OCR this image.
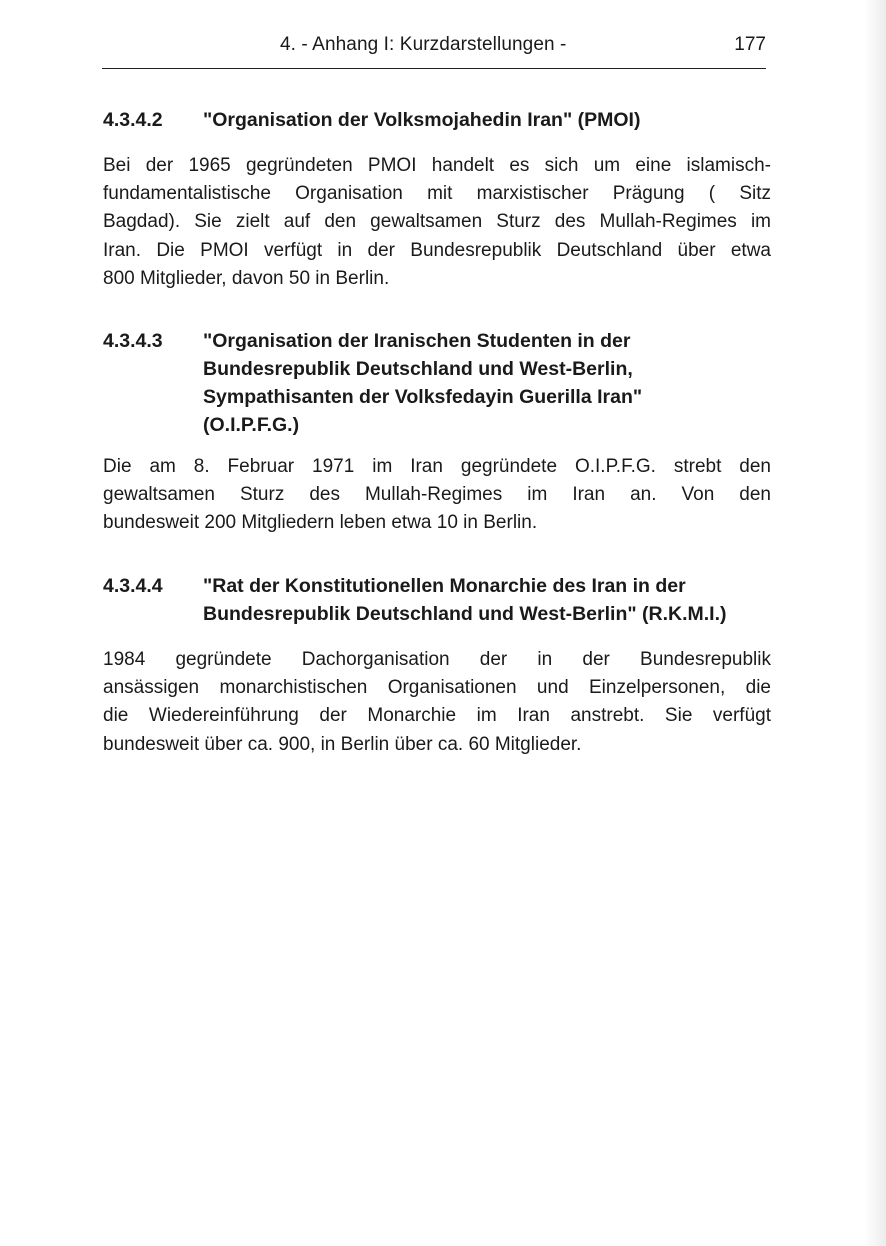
4. - Anhang I: Kurzdarstellungen -	177
4.3.4.2 "Organisation der Volksmojahedin Iran" (PMOI)
Bei der 1965 gegründeten PMOI handelt es sich um eine islamisch-
fundamentalistische Organisation mit marxistischer Prägung ( Sitz
Bagdad). Sie zielt auf den gewaltsamen Sturz des Mullah-Regimes im
Iran. Die PMOI verfügt in der Bundesrepublik Deutschland über etwa
800 Mitglieder, davon 50 in Berlin.
4.3.4.3 "Organisation der Iranischen Studenten in der
Bundesrepublik Deutschland und West-Berlin,
Sympathisanten der Volksfedayin Guerilla Iran"
(O.I.P.F.G.)
Die am 8. Februar 1971 im Iran gegründete O.I.P.F.G. strebt den
gewaltsamen Sturz des Mullah-Regimes im Iran an. Von den
bundesweit 200 Mitgliedern leben etwa 10 in Berlin.
4.3.4.4 "Rat der Konstitutionellen Monarchie des Iran in der
Bundesrepublik Deutschland und West-Berlin" (R.K.M.I.)
1984 gegründete Dachorganisation der in der Bundesrepublik
ansässigen monarchistischen Organisationen und Einzelpersonen, die
die Wiedereinführung der Monarchie im Iran anstrebt. Sie verfügt
bundesweit über ca. 900, in Berlin über ca. 60 Mitglieder.
